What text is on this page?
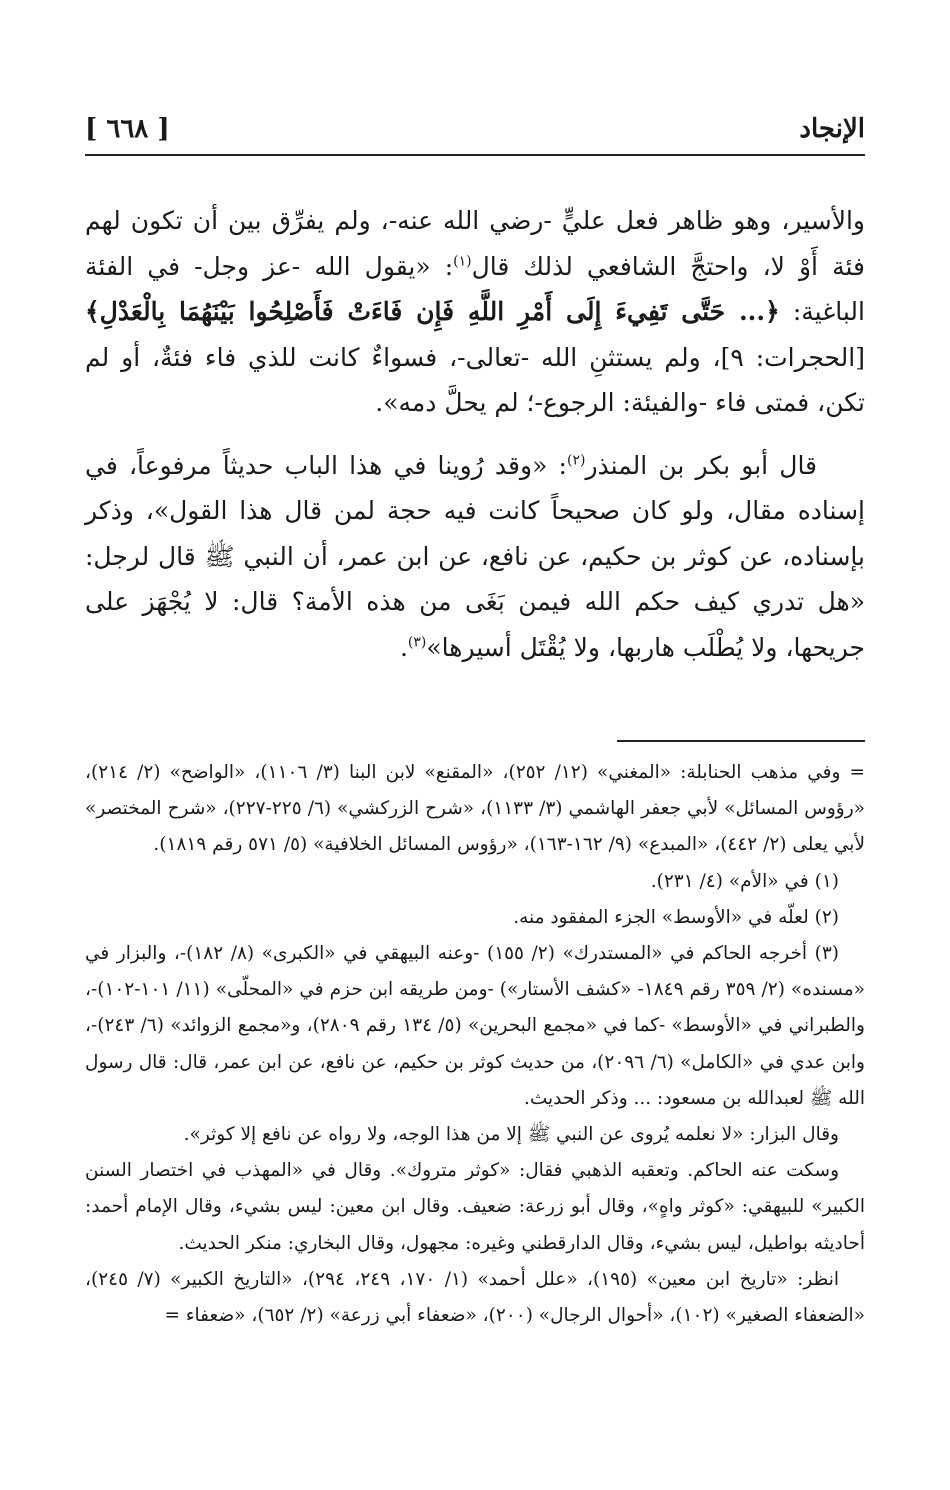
الإنجاد
[ ٦٦٨ ]

والأسير، وهو ظاهر فعل عليٍّ -رضي الله عنه-، ولم يفرِّق بين أن تكون لهم فئة أَوْ لا، واحتجَّ الشافعي لذلك قال$^{(١)}$: «يقول الله -عز وجل- في الفئة الباغية: ﴿... حَتَّى تَفِيءَ إِلَى أَمْرِ اللَّهِ فَإِن فَاءَتْ فَأَصْلِحُوا بَيْنَهُمَا بِالْعَدْلِ﴾ [الحجرات: ٩]، ولم يستثنِ الله -تعالى-، فسواءٌ كانت للذي فاء فئةٌ، أو لم تكن، فمتى فاء -والفيئة: الرجوع-؛ لم يحلَّ دمه».

قال أبو بكر بن المنذر$^{(٢)}$: «وقد رُوينا في هذا الباب حديثاً مرفوعاً، في إسناده مقال، ولو كان صحيحاً كانت فيه حجة لمن قال هذا القول»، وذكر بإسناده، عن كوثر بن حكيم، عن نافع، عن ابن عمر، أن النبي ﷺ قال لرجل: «هل تدري كيف حكم الله فيمن بَغَى من هذه الأمة؟ قال: لا يُجْهَز على جريحها، ولا يُطْلَب هاربها، ولا يُقْتَل أسيرها»$^{(٣)}$.

= وفي مذهب الحنابلة: «المغني» (١٢/ ٢٥٢)، «المقنع» لابن البنا (٣/ ١١٠٦)، «الواضح» (٢/ ٢١٤)، «رؤوس المسائل» لأبي جعفر الهاشمي (٣/ ١١٣٣)، «شرح الزركشي» (٦/ ٢٢٥-٢٢٧)، «شرح المختصر» لأبي يعلى (٢/ ٤٤٢)، «المبدع» (٩/ ١٦٢-١٦٣)، «رؤوس المسائل الخلافية» (٥/ ٥٧١ رقم ١٨١٩).

(١) في «الأم» (٤/ ٢٣١).

(٢) لعلّه في «الأوسط» الجزء المفقود منه.

(٣) أخرجه الحاكم في «المستدرك» (٢/ ١٥٥) -وعنه البيهقي في «الكبرى» (٨/ ١٨٢)-، والبزار في «مسنده» (٢/ ٣٥٩ رقم ١٨٤٩- «كشف الأستار») -ومن طريقه ابن حزم في «المحلّى» (١١/ ١٠١-١٠٢)-، والطبراني في «الأوسط» -كما في «مجمع البحرين» (٥/ ١٣٤ رقم ٢٨٠٩)، و«مجمع الزوائد» (٦/ ٢٤٣)-، وابن عدي في «الكامل» (٦/ ٢٠٩٦)، من حديث كوثر بن حكيم، عن نافع، عن ابن عمر، قال: قال رسول الله ﷺ لعبدالله بن مسعود: ... وذكر الحديث.

وقال البزار: «لا نعلمه يُروى عن النبي ﷺ إلا من هذا الوجه، ولا رواه عن نافع إلا كوثر».

وسكت عنه الحاكم. وتعقبه الذهبي فقال: «كوثر متروك». وقال في «المهذب في اختصار السنن الكبير» للبيهقي: «كوثر واهٍ»، وقال أبو زرعة: ضعيف. وقال ابن معين: ليس بشيء، وقال الإمام أحمد: أحاديثه بواطيل، ليس بشيء، وقال الدارقطني وغيره: مجهول، وقال البخاري: منكر الحديث.

انظر: «تاريخ ابن معين» (١٩٥)، «علل أحمد» (١/ ١٧٠، ٢٤٩، ٢٩٤)، «التاريخ الكبير» (٧/ ٢٤٥)، «الضعفاء الصغير» (١٠٢)، «أحوال الرجال» (٢٠٠)، «ضعفاء أبي زرعة» (٢/ ٦٥٢)، «ضعفاء =
